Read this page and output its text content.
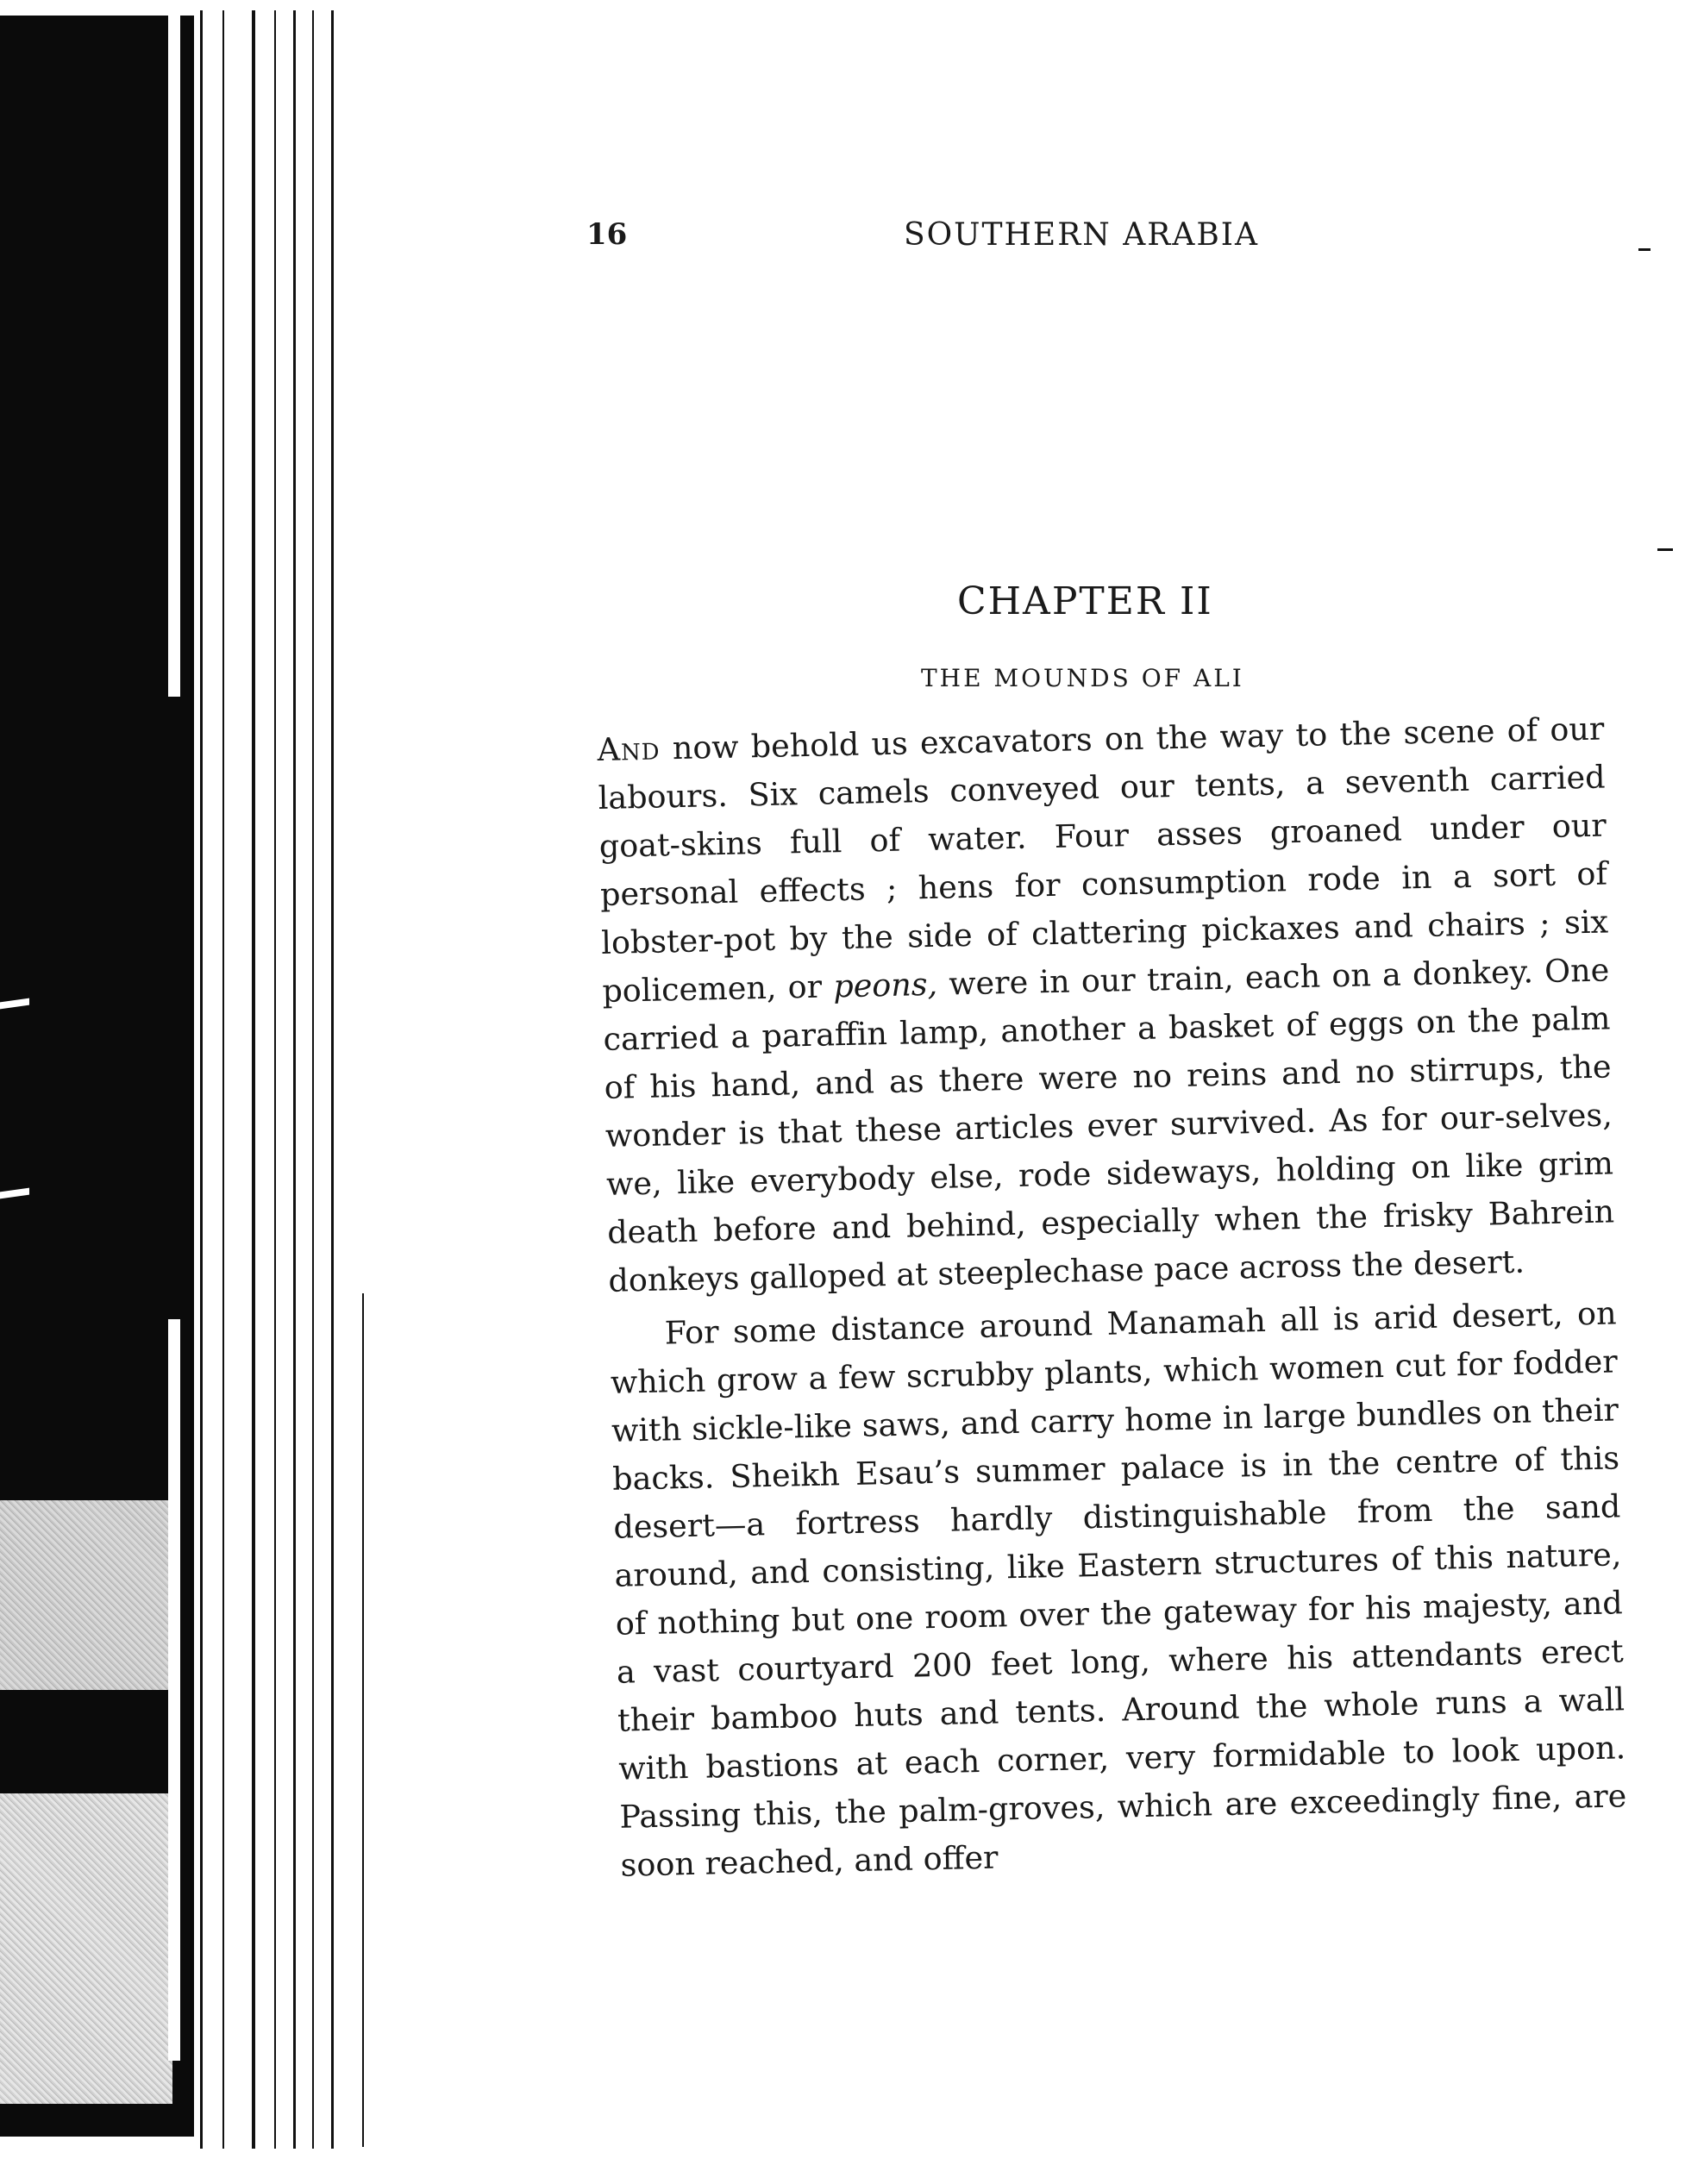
16	SOUTHERN ARABIA
CHAPTER II
THE MOUNDS OF ALI

And now behold us excavators on the way to the scene of our labours. Six camels conveyed our tents, a seventh carried goat-skins full of water. Four asses groaned under our personal effects ; hens for consumption rode in a sort of lobster-pot by the side of clattering pickaxes and chairs ; six policemen, or peons, were in our train, each on a donkey. One carried a paraffin lamp, another a basket of eggs on the palm of his hand, and as there were no reins and no stirrups, the wonder is that these articles ever survived. As for our-selves, we, like everybody else, rode sideways, holding on like grim death before and behind, especially when the frisky Bahrein donkeys galloped at steeplechase pace across the desert.

For some distance around Manamah all is arid desert, on which grow a few scrubby plants, which women cut for fodder with sickle-like saws, and carry home in large bundles on their backs. Sheikh Esau’s summer palace is in the centre of this desert—a fortress hardly distinguishable from the sand around, and consisting, like Eastern structures of this nature, of nothing but one room over the gateway for his majesty, and a vast courtyard 200 feet long, where his attendants erect their bamboo huts and tents. Around the whole runs a wall with bastions at each corner, very formidable to look upon. Passing this, the palm-groves, which are exceedingly fine, are soon reached, and offer
